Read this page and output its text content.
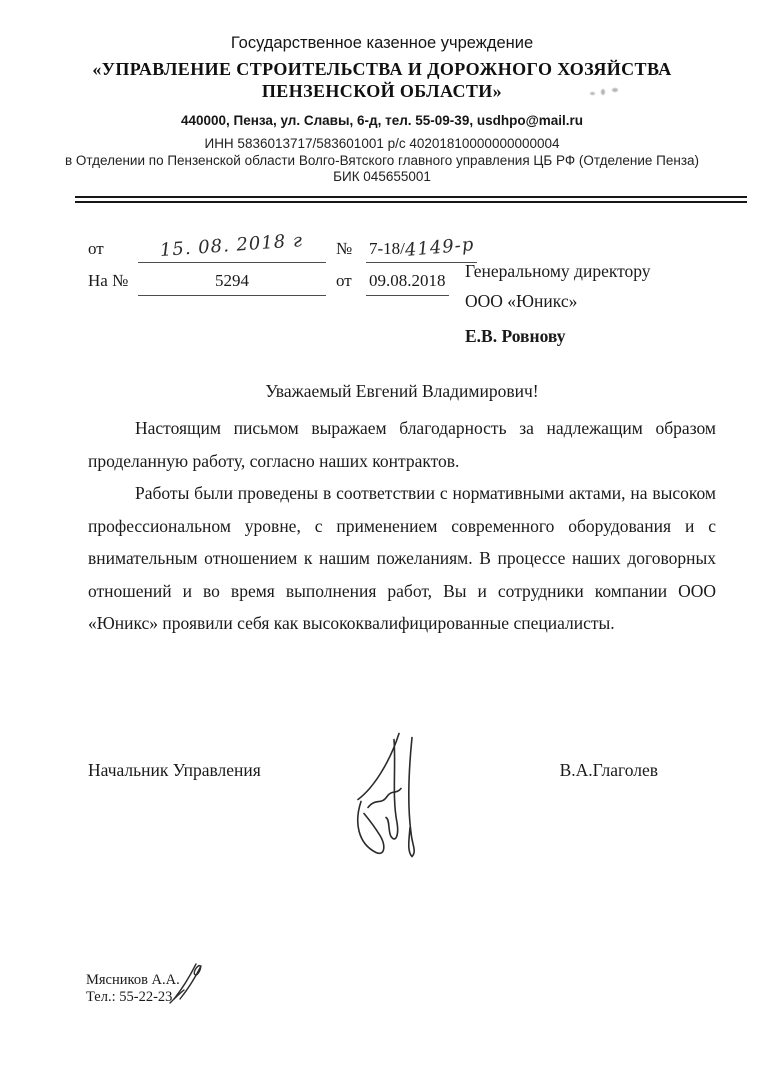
Государственное казенное учреждение
«УПРАВЛЕНИЕ СТРОИТЕЛЬСТВА И ДОРОЖНОГО ХОЗЯЙСТВА
ПЕНЗЕНСКОЙ ОБЛАСТИ»
440000, Пенза, ул. Славы, 6-д, тел. 55-09-39, usdhpo@mail.ru
ИНН 5836013717/583601001 р/с 40201810000000000004
в Отделении по Пензенской области Волго-Вятского главного управления ЦБ РФ (Отделение Пенза)
БИК 045655001
от	15. 08. 2018 г	№ 7-18/4149-р
На №	5294	от	09.08.2018 Генеральному директору
ООО «Юникс»
Е.В. Ровнову

Уважаемый Евгений Владимирович!

Настоящим письмом выражаем благодарность за надлежащим образом проделанную работу, согласно наших контрактов.

Работы были проведены в соответствии с нормативными актами, на высоком профессиональном уровне, с применением современного оборудования и с внимательным отношением к нашим пожеланиям. В процессе наших договорных отношений и во время выполнения работ, Вы и сотрудники компании ООО «Юникс» проявили себя как высококвалифицированные специалисты.

Начальник Управления	В.А.Глаголев
Мясников А.А.
Тел.: 55-22-23
